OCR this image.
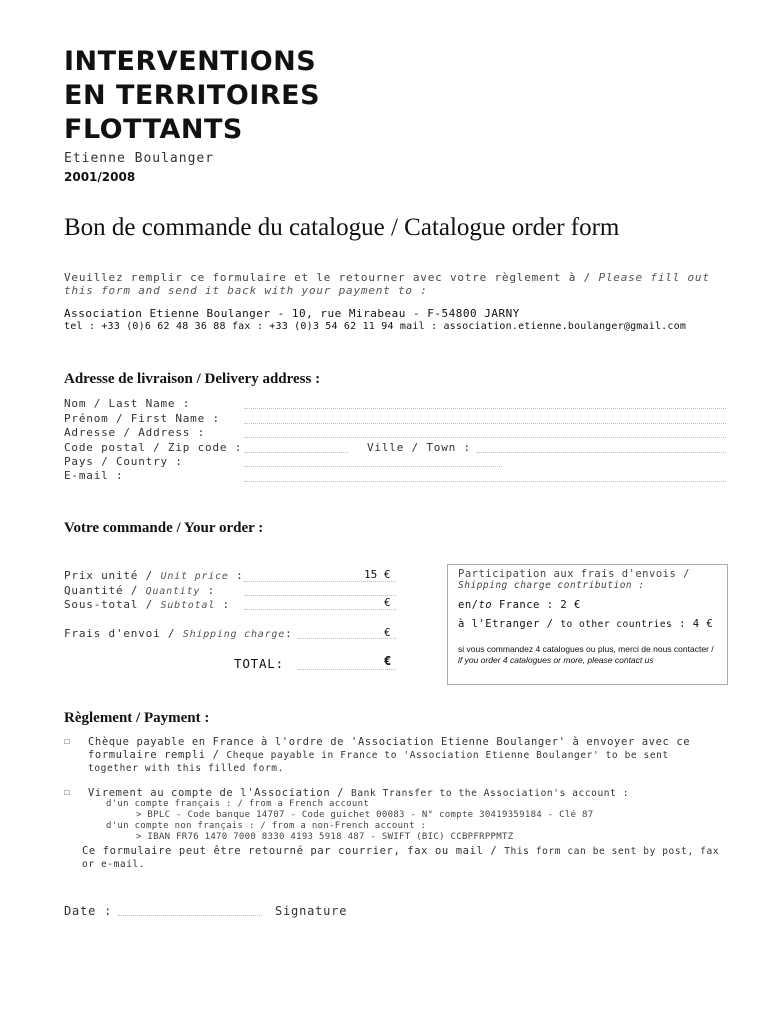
INTERVENTIONS
EN TERRITOIRES
FLOTTANTS
Etienne Boulanger
2001/2008
Bon de commande du catalogue / Catalogue order form
Veuillez remplir ce formulaire et le retourner avec votre règlement à / Please fill out this form and send it back with your payment to :
Association Etienne Boulanger - 10, rue Mirabeau - F-54800 JARNY
tel : +33 (0)6 62 48 36 88 fax : +33 (0)3 54 62 11 94 mail : association.etienne.boulanger@gmail.com
Adresse de livraison / Delivery address :
Nom / Last Name :
Prénom / First Name :
Adresse / Address :
Code postal / Zip code :	Ville / Town :
Pays / Country :
E-mail :
Votre commande / Your order :
Prix unité / Unit price :	15 €
Quantité / Quantity :
Sous-total / Subtotal :	€
Frais d'envoi / Shipping charge:	€
TOTAL:	€
Participation aux frais d'envois /
Shipping charge contribution :
en/to France : 2 €
à l'Etranger / to other countries : 4 €
si vous commandez 4 catalogues ou plus, merci de nous contacter / if you order 4 catalogues or more, please contact us
Règlement / Payment :
☐ Chèque payable en France à l'ordre de 'Association Etienne Boulanger' à envoyer avec ce formulaire rempli / Cheque payable in France to 'Association Etienne Boulanger' to be sent together with this filled form.
☐ Virement au compte de l'Association / Bank Transfer to the Association's account :
d'un compte français : / from a French account
> BPLC - Code banque 14707 - Code guichet 00083 - N° compte 30419359184 - Clé 87
d'un compte non français : / from a non-French account :
> IBAN FR76 1470 7000 8330 4193 5918 487 - SWIFT (BIC) CCBPFRPPMTZ
Ce formulaire peut être retourné par courrier, fax ou mail / This form can be sent by post, fax or e-mail.
Date :	Signature
